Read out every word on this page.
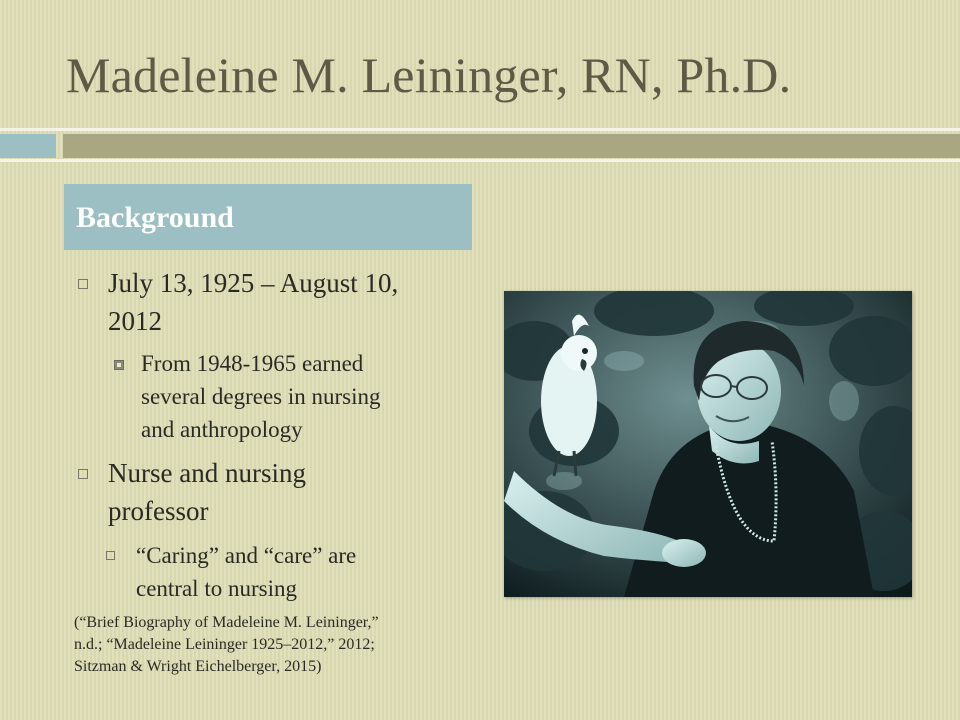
Madeleine M. Leininger, RN, Ph.D.
Background
July 13, 1925 – August 10,
2012
From 1948-1965 earned
several degrees in nursing
and anthropology
Nurse and nursing
professor
“Caring” and “care” are
central to nursing
(“Brief Biography of Madeleine M. Leininger,”
n.d.; “Madeleine Leininger 1925–2012,” 2012;
Sitzman & Wright Eichelberger, 2015)
